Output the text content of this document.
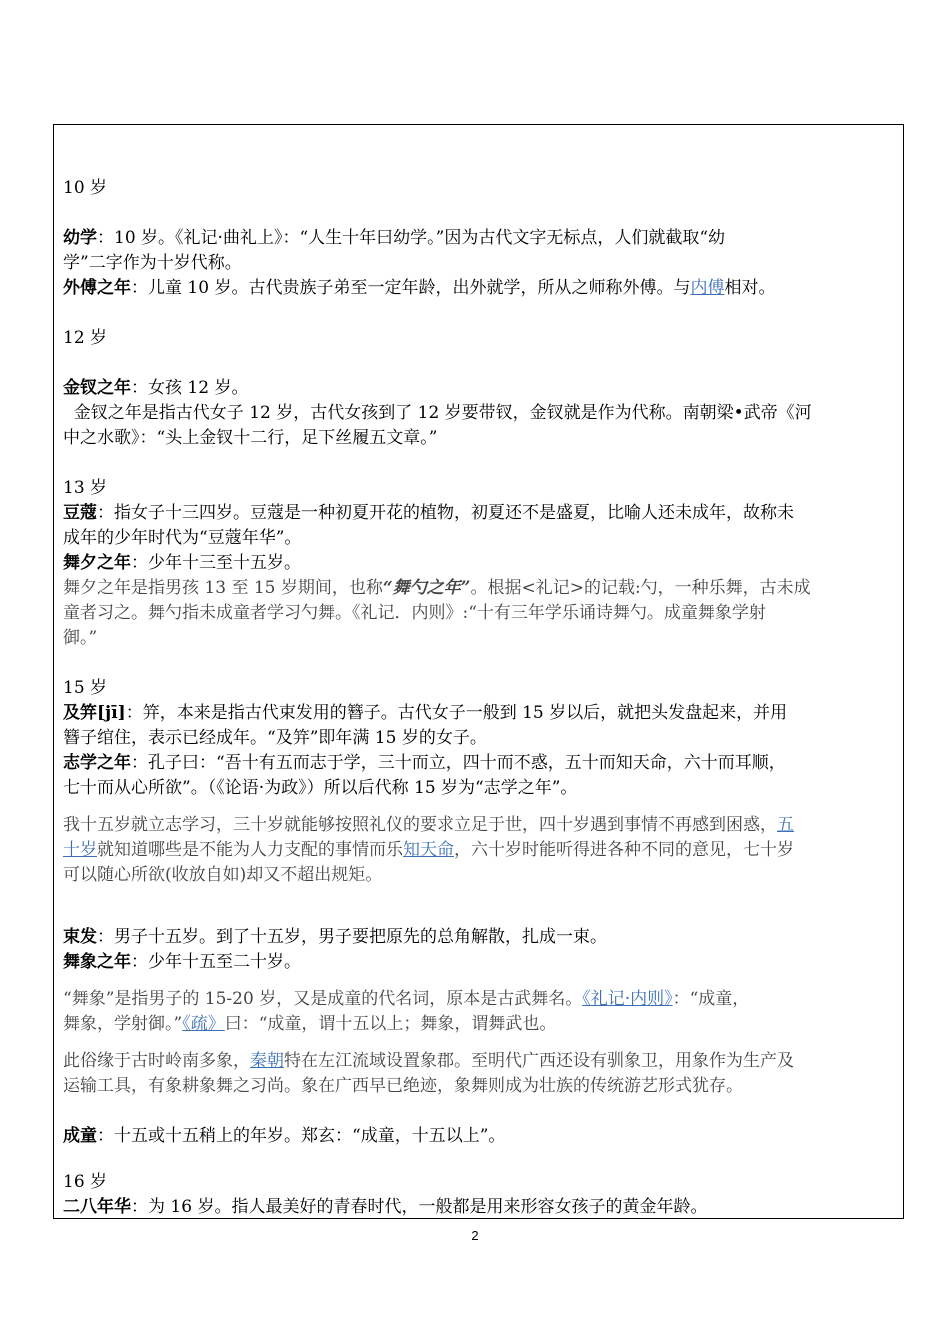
10 岁
幼学：10 岁。《礼记·曲礼上》：“人生十年曰幼学。”因为古代文字无标点，人们就截取“幼
学”二字作为十岁代称。
外傅之年：儿童 10 岁。古代贵族子弟至一定年龄，出外就学，所从之师称外傅。与内傅相对。
12 岁
金钗之年：女孩 12 岁。
金钗之年是指古代女子 12 岁，古代女孩到了 12 岁要带钗，金钗就是作为代称。南朝梁•武帝《河
中之水歌》：“头上金钗十二行，足下丝履五文章。”
13 岁
豆蔻：指女子十三四岁。豆蔻是一种初夏开花的植物，初夏还不是盛夏，比喻人还未成年，故称未
成年的少年时代为“豆蔻年华”。
舞夕之年：少年十三至十五岁。
舞夕之年是指男孩 13 至 15 岁期间，也称“舞勺之年”。根据<礼记>的记载:勺，一种乐舞，古未成
童者习之。舞勺指未成童者学习勺舞。《礼记．内则》:“十有三年学乐诵诗舞勺。成童舞象学射
御。”
15 岁
及笄[jī]：笄，本来是指古代束发用的簪子。古代女子一般到 15 岁以后，就把头发盘起来，并用
簪子绾住，表示已经成年。“及笄”即年满 15 岁的女子。
志学之年：孔子曰：“吾十有五而志于学，三十而立，四十而不惑，五十而知天命，六十而耳顺，
七十而从心所欲”。（《论语·为政》）所以后代称 15 岁为“志学之年”。
我十五岁就立志学习，三十岁就能够按照礼仪的要求立足于世，四十岁遇到事情不再感到困惑，五
十岁就知道哪些是不能为人力支配的事情而乐知天命，六十岁时能听得进各种不同的意见，七十岁
可以随心所欲(收放自如)却又不超出规矩。
束发：男子十五岁。到了十五岁，男子要把原先的总角解散，扎成一束。
舞象之年：少年十五至二十岁。
“舞象”是指男子的 15-20 岁，又是成童的代名词，原本是古武舞名。《礼记·内则》：“成童，
舞象，学射御。”《疏》曰：“成童，谓十五以上；舞象，谓舞武也。
此俗缘于古时岭南多象，秦朝特在左江流域设置象郡。至明代广西还设有驯象卫，用象作为生产及
运输工具，有象耕象舞之习尚。象在广西早已绝迹，象舞则成为壮族的传统游艺形式犹存。
成童：十五或十五稍上的年岁。郑玄：“成童，十五以上”。
16 岁
二八年华：为 16 岁。指人最美好的青春时代，一般都是用来形容女孩子的黄金年龄。
2
